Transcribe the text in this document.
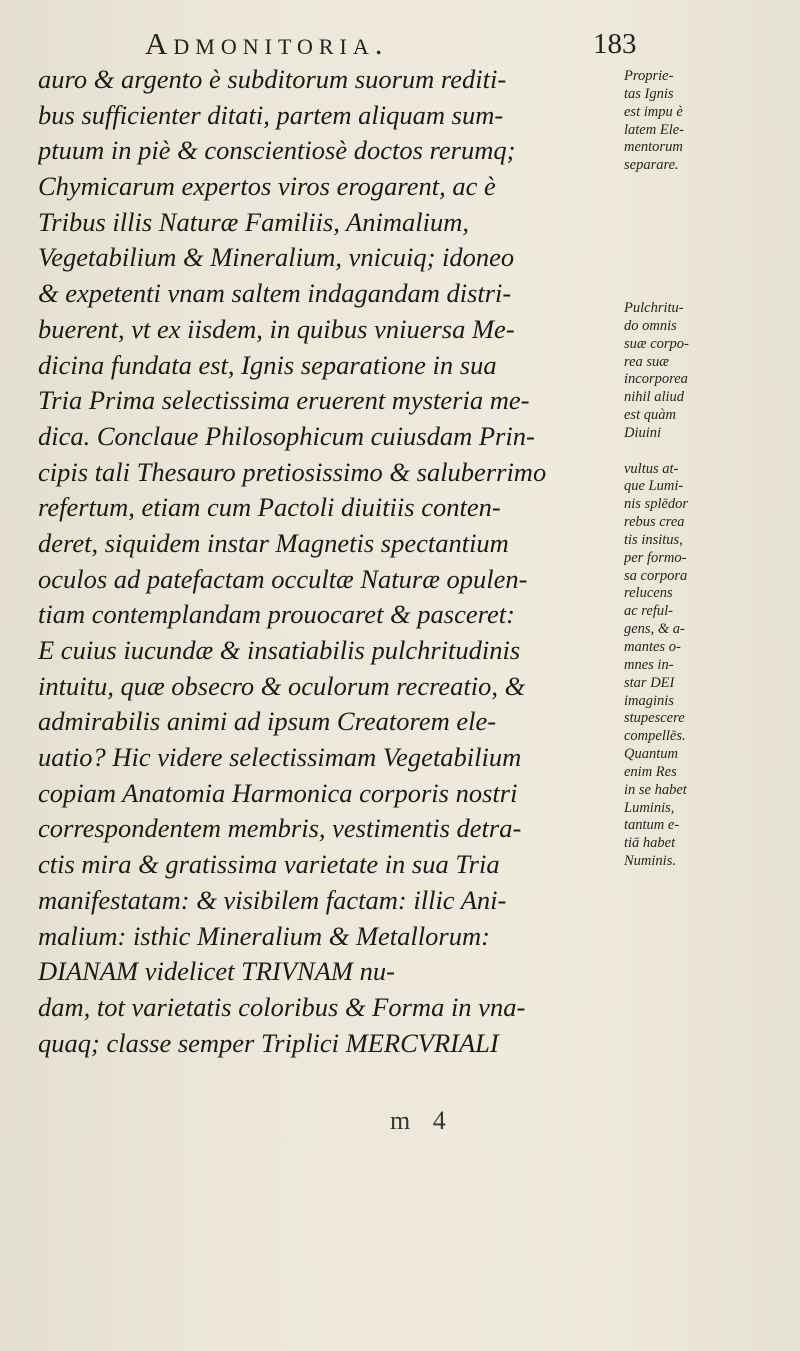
Admonitoria.	183
auro & argento è subditorum suorum rediti-
bus sufficienter ditati, partem aliquam sum-
ptuum in piè & conscientiosè doctos rerumq;
Chymicarum expertos viros erogarent, ac è
Tribus illis Naturæ Familiis, Animalium,
Vegetabilium & Mineralium, vnicuiq; idoneo
& expetenti vnam saltem indagandam distri-
buerent, vt ex iisdem, in quibus vniuersa Me-
dicina fundata est, Ignis separatione in sua
Tria Prima selectissima eruerent mysteria me-
dica. Conclaue Philosophicum cuiusdam Prin-
cipis tali Thesauro pretiosissimo & saluberrimo
refertum, etiam cum Pactoli diuitiis conten-
deret, siquidem instar Magnetis spectantium
oculos ad patefactam occultæ Naturæ opulen-
tiam contemplandam prouocaret & pasceret:
E cuius iucundæ & insatiabilis pulchritudinis
intuitu, quæ obsecro & oculorum recreatio, &
admirabilis animi ad ipsum Creatorem ele-
uatio? Hic videre selectissimam Vegetabilium
copiam Anatomia Harmonica corporis nostri
correspondentem membris, vestimentis detra-
ctis mira & gratissima varietate in sua Tria
manifestatam: & visibilem factam: illic Ani-
malium: isthic Mineralium & Metallorum:
DIANAM videlicet TRIVNAM nu-
dam, tot varietatis coloribus & Forma in vna-
quaq; classe semper Triplici MERCVRIALI
Proprie-
tas Ignis
est impu è
latem Ele-
mentorum
separare.
Pulchritu-
do omnis
suæ corpo-
rea suæ
incorporea
nihil aliud
est quàm
Diuini
vultus at-
que Lumi-
nis splēdor
rebus crea
tis insitus,
per formo-
sa corpora
relucens
ac reful-
gens, & a-
mantes o-
mnes in-
star DEI
imaginis
stupescere
compellēs.
Quantum
enim Res
in se habet
Luminis,
tantum e-
tiā habet
Numinis.
m 4
